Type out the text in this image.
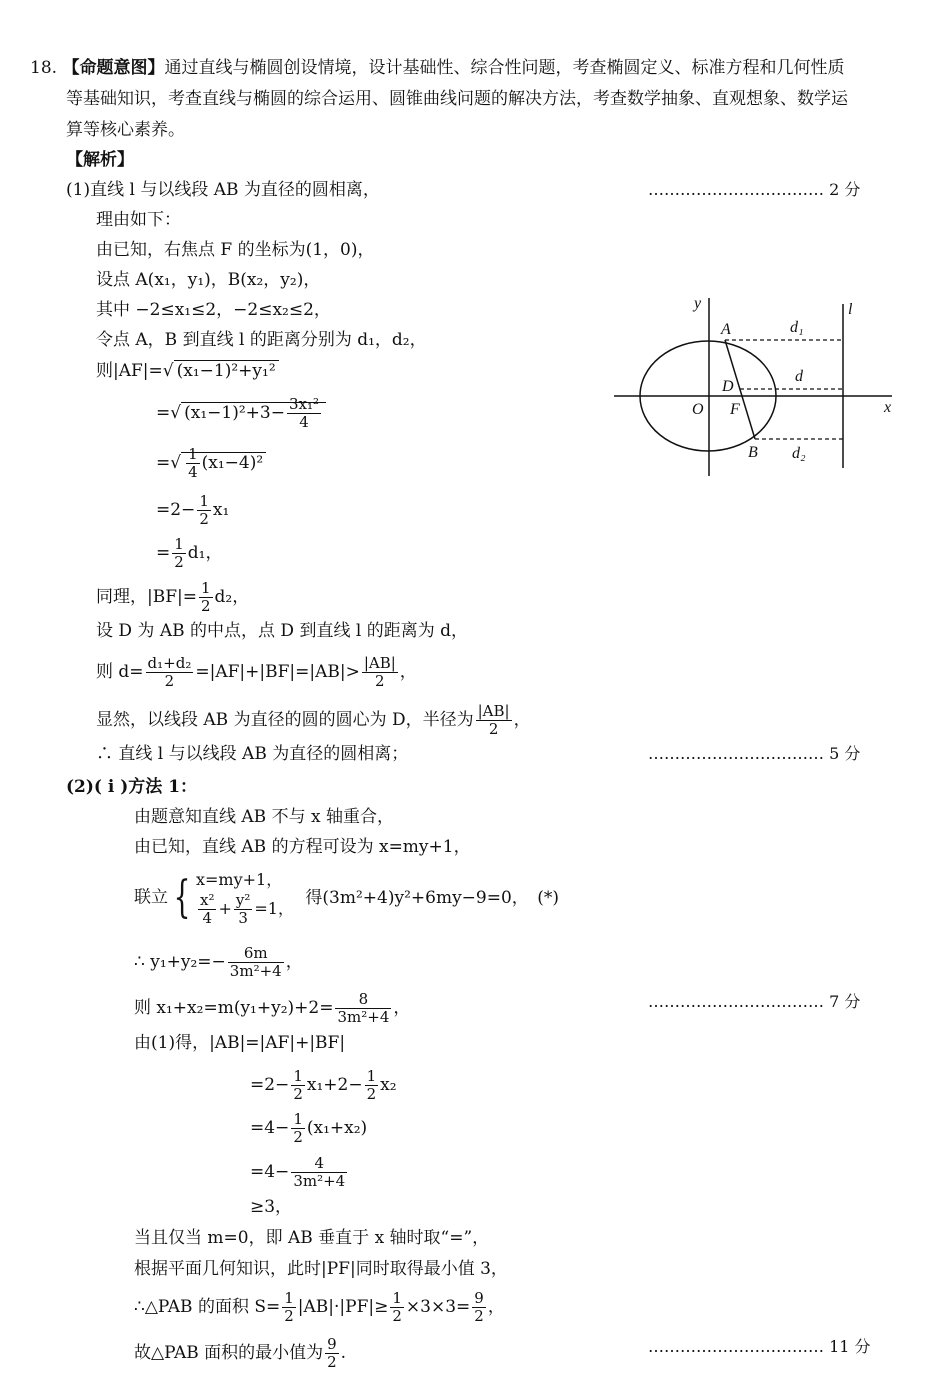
18. 【命题意图】通过直线与椭圆创设情境，设计基础性、综合性问题，考查椭圆定义、标准方程和几何性质
等基础知识，考查直线与椭圆的综合运用、圆锥曲线问题的解决方法，考查数学抽象、直观想象、数学运
算等核心素养。
【解析】
(1)直线 l 与以线段 AB 为直径的圆相离，	…………………………… 2 分
理由如下：
由已知，右焦点 F 的坐标为(1，0)，
设点 A(x₁，y₁)，B(x₂，y₂)，
其中 −2≤x₁≤2，−2≤x₂≤2，
令点 A，B 到直线 l 的距离分别为 d₁，d₂，
则|AF|=√ (x₁−1)²+y₁²
=√ $(x_1-1)^2+3- \frac{\text{3x₁²}}{4}$
=√ $\frac{1}{4} (x_1-4)^2$
$=2- \frac{1}{2} x_1$
= $\frac{1}{2} d_1$，
同理，$|BF|= \frac{1}{2} d_2$，
设 D 为 AB 的中点，点 D 到直线 l 的距离为 d，
则 $d= \frac{\text{d₁+d₂}}{2} =|AF|+|BF|=|AB|> \frac{|AB|}{2}$ ，
显然，以线段 AB 为直径的圆的圆心为 D，半径为 $\frac{|AB|}{2}$ ，
∴ 直线 l 与以线段 AB 为直径的圆相离；	…………………………… 5 分
(2)( i )方法 1：
由题意知直线 AB 不与 x 轴重合，
由已知，直线 AB 的方程可设为 x=my+1，
联立 { x=my+1，
$\frac{\text{x²}}{4} + \frac{\text{y²}}{3} =1$，
得(3m²+4)y²+6my−9=0，　(*)
∴ $y_1+y_2=- \frac{6m}{\text{3m²+4}}$ ，
则 $x_1+x_2=m(y_1+y_2)+2= \frac{8}{\text{3m²+4}}$ ，	…………………………… 7 分
由(1)得，|AB|=|AF|+|BF|
$=2- \frac{1}{2} x_1+2- \frac{1}{2} x_2$
$=4- \frac{1}{2} (x_1+x_2)$
$=4- \frac{4}{\text{3m²+4}}$
≥3，
当且仅当 m=0，即 AB 垂直于 x 轴时取“=”，
根据平面几何知识，此时|PF|同时取得最小值 3，
∴△PAB 的面积 $S= \frac{1}{2} |AB|\cdot|PF|\ge \frac{1}{2} \times 3\times 3= \frac{9}{2}$ ，
故△PAB 面积的最小值为 $\frac{9}{2}$ .	…………………………… 11 分
y
x
O F
D
A
B
l
d₁
d
d₂
